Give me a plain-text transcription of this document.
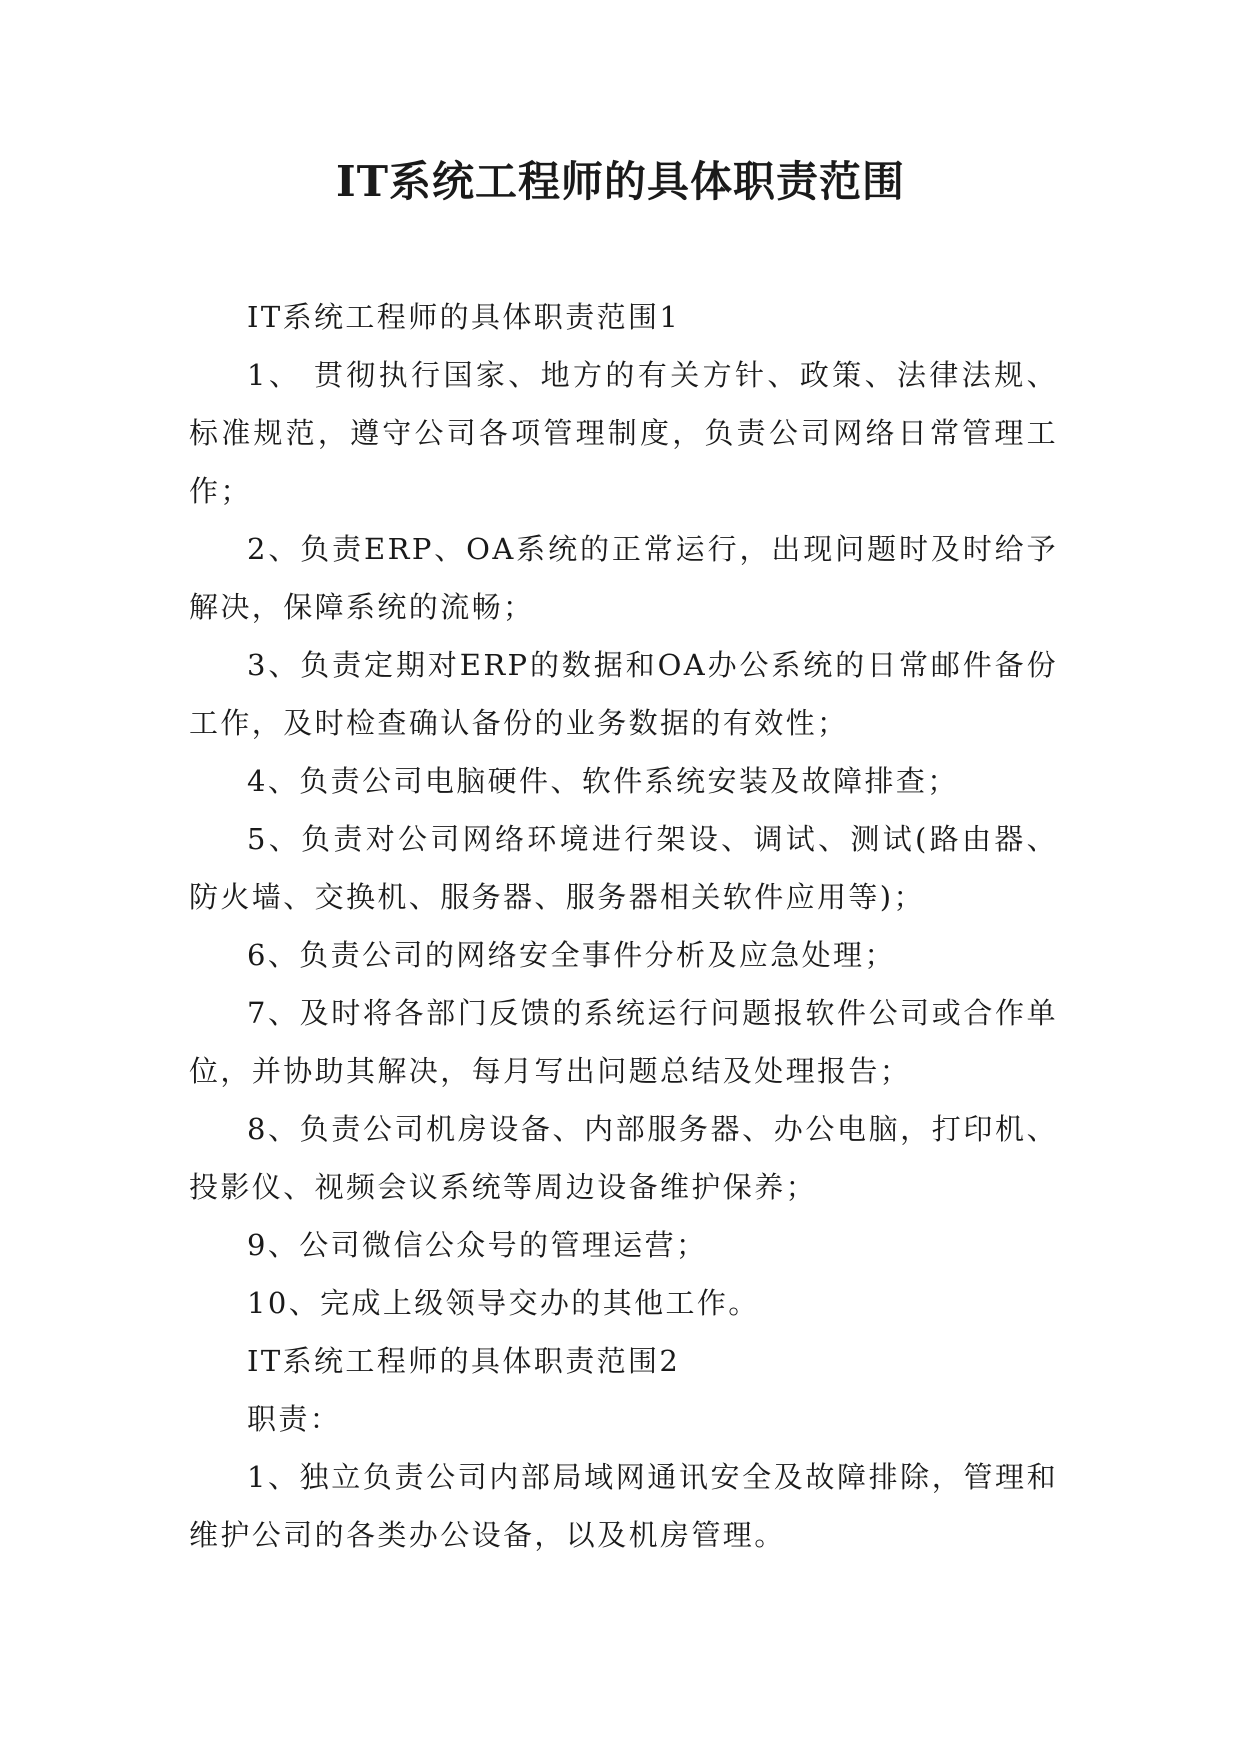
IT系统工程师的具体职责范围

IT系统工程师的具体职责范围1

1、 贯彻执行国家、地方的有关方针、政策、法律法规、标准规范，遵守公司各项管理制度，负责公司网络日常管理工作；

2、负责ERP、OA系统的正常运行，出现问题时及时给予解决，保障系统的流畅；

3、负责定期对ERP的数据和OA办公系统的日常邮件备份工作，及时检查确认备份的业务数据的有效性；

4、负责公司电脑硬件、软件系统安装及故障排查；

5、负责对公司网络环境进行架设、调试、测试(路由器、防火墙、交换机、服务器、服务器相关软件应用等)；

6、负责公司的网络安全事件分析及应急处理；

7、及时将各部门反馈的系统运行问题报软件公司或合作单位，并协助其解决，每月写出问题总结及处理报告；

8、负责公司机房设备、内部服务器、办公电脑，打印机、投影仪、视频会议系统等周边设备维护保养；

9、公司微信公众号的管理运营；

10、完成上级领导交办的其他工作。

IT系统工程师的具体职责范围2

职责：

1、独立负责公司内部局域网通讯安全及故障排除，管理和维护公司的各类办公设备，以及机房管理。
